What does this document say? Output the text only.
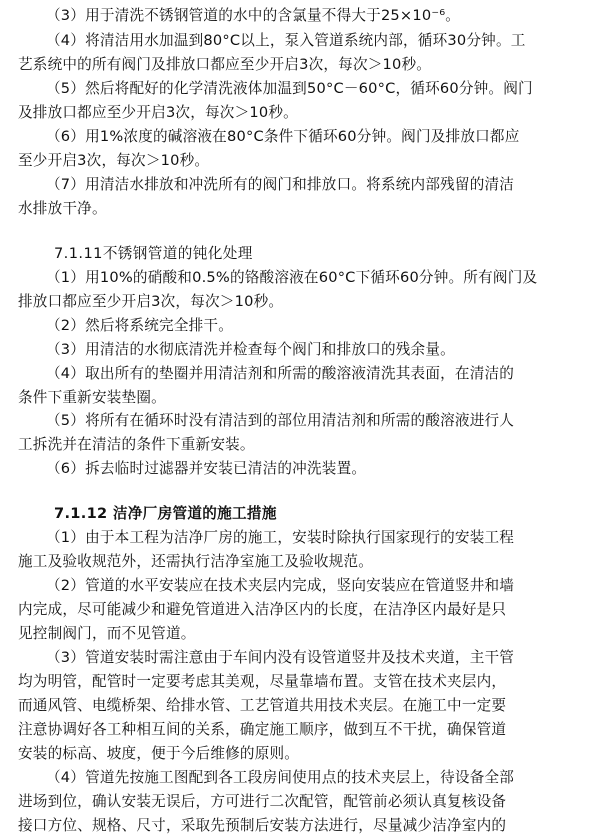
（3）用于清洗不锈钢管道的水中的含氯量不得大于25×10⁻⁶。
（4）将清洁用水加温到80°C以上，泵入管道系统内部，循环30分钟。工
艺系统中的所有阀门及排放口都应至少开启3次，每次＞10秒。
（5）然后将配好的化学清洗液体加温到50°C－60°C，循环60分钟。阀门
及排放口都应至少开启3次，每次＞10秒。
（6）用1%浓度的碱溶液在80°C条件下循环60分钟。阀门及排放口都应
至少开启3次，每次＞10秒。
（7）用清洁水排放和冲洗所有的阀门和排放口。将系统内部残留的清洁
水排放干净。
7.1.11不锈钢管道的钝化处理
（1）用10%的硝酸和0.5%的铬酸溶液在60°C下循环60分钟。所有阀门及
排放口都应至少开启3次，每次＞10秒。
（2）然后将系统完全排干。
（3）用清洁的水彻底清洗并检查每个阀门和排放口的残余量。
（4）取出所有的垫圈并用清洁剂和所需的酸溶液清洗其表面，在清洁的
条件下重新安装垫圈。
（5）将所有在循环时没有清洁到的部位用清洁剂和所需的酸溶液进行人
工拆洗并在清洁的条件下重新安装。
（6）拆去临时过滤器并安装已清洁的冲洗装置。
7.1.12 洁净厂房管道的施工措施
（1）由于本工程为洁净厂房的施工，安装时除执行国家现行的安装工程
施工及验收规范外，还需执行洁净室施工及验收规范。
（2）管道的水平安装应在技术夹层内完成，竖向安装应在管道竖井和墙
内完成，尽可能减少和避免管道进入洁净区内的长度，在洁净区内最好是只
见控制阀门，而不见管道。
（3）管道安装时需注意由于车间内没有设管道竖井及技术夹道，主干管
均为明管，配管时一定要考虑其美观，尽量靠墙布置。支管在技术夹层内，
而通风管、电缆桥架、给排水管、工艺管道共用技术夹层。在施工中一定要
注意协调好各工种相互间的关系，确定施工顺序，做到互不干扰，确保管道
安装的标高、坡度，便于今后维修的原则。
（4）管道先按施工图配到各工段房间使用点的技术夹层上，待设备全部
进场到位，确认安装无误后，方可进行二次配管，配管前必须认真复核设备
接口方位、规格、尺寸，采取先预制后安装方法进行，尽量减少洁净室内的
